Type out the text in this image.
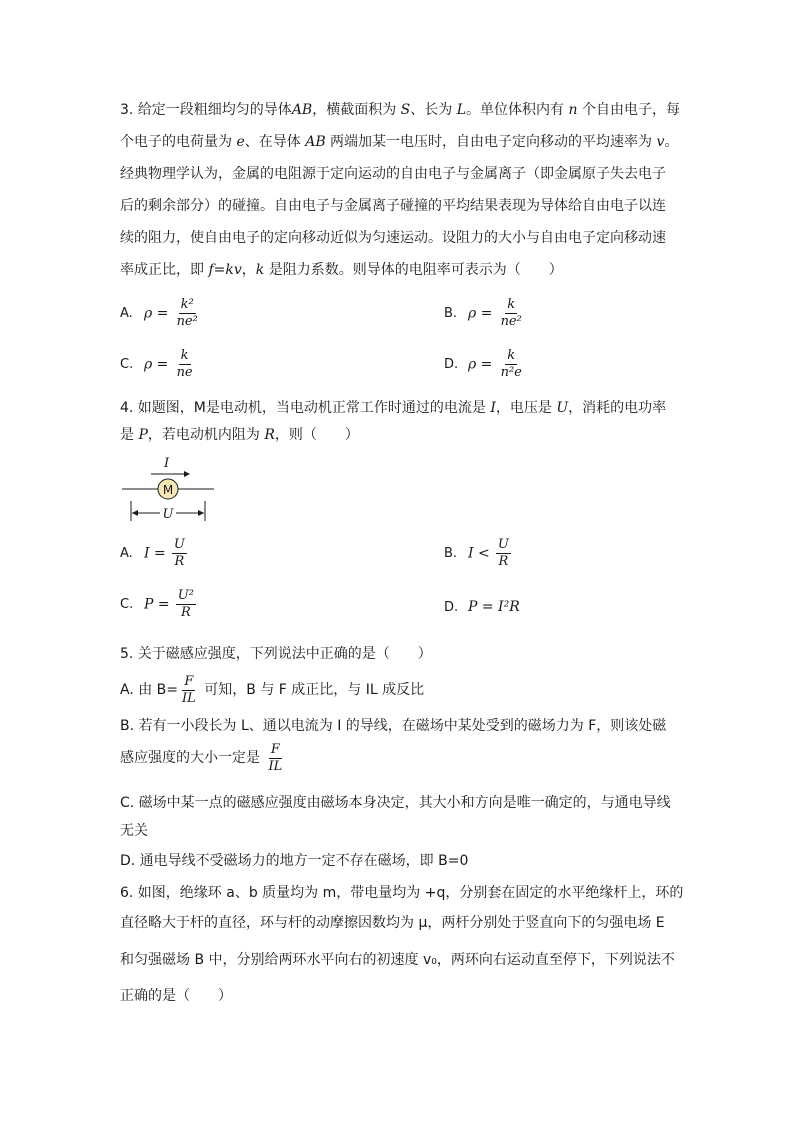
3. 给定一段粗细均匀的导体AB，横截面积为 S、长为 L。单位体积内有 n 个自由电子，每
个电子的电荷量为 e、在导体 AB 两端加某一电压时，自由电子定向移动的平均速率为 v。
经典物理学认为，金属的电阻源于定向运动的自由电子与金属离子（即金属原子失去电子
后的剩余部分）的碰撞。自由电子与金属离子碰撞的平均结果表现为导体给自由电子以连
续的阻力，使自由电子的定向移动近似为匀速运动。设阻力的大小与自由电子定向移动速
率成正比，即 f=kv，k 是阻力系数。则导体的电阻率可表示为（　　）
A. $\rho = \frac{\text{k²}}{\text{ne²}}$	B. $\rho = \frac{k}{\text{ne²}}$
C. $\rho = \frac{k}{ne}$	D. $\rho = \frac{k}{\text{n²e}}$
4. 如题图，M是电动机，当电动机正常工作时通过的电流是 I，电压是 U，消耗的电功率
是 P，若电动机内阻为 R，则（　　）
I
M
U
A. $I = \frac{U}{R}$	B. $I < \frac{U}{R}$
C. $P = \frac{\text{U²}}{R}$	D. P = I²R
5. 关于磁感应强度，下列说法中正确的是（　　）
A. 由 $B= \frac{F}{IL}$ 可知，B 与 F 成正比，与 IL 成反比
B. 若有一小段长为 L、通以电流为 I 的导线，在磁场中某处受到的磁场力为 F，则该处磁
感应强度的大小一定是 $\frac{F}{IL}$
C. 磁场中某一点的磁感应强度由磁场本身决定，其大小和方向是唯一确定的，与通电导线
无关
D. 通电导线不受磁场力的地方一定不存在磁场，即 B=0
6. 如图，绝缘环 a、b 质量均为 m，带电量均为 +q，分别套在固定的水平绝缘杆上，环的
直径略大于杆的直径，环与杆的动摩擦因数均为 μ，两杆分别处于竖直向下的匀强电场 E
和匀强磁场 B 中，分别给两环水平向右的初速度 v₀，两环向右运动直至停下，下列说法不
正确的是（　　）
